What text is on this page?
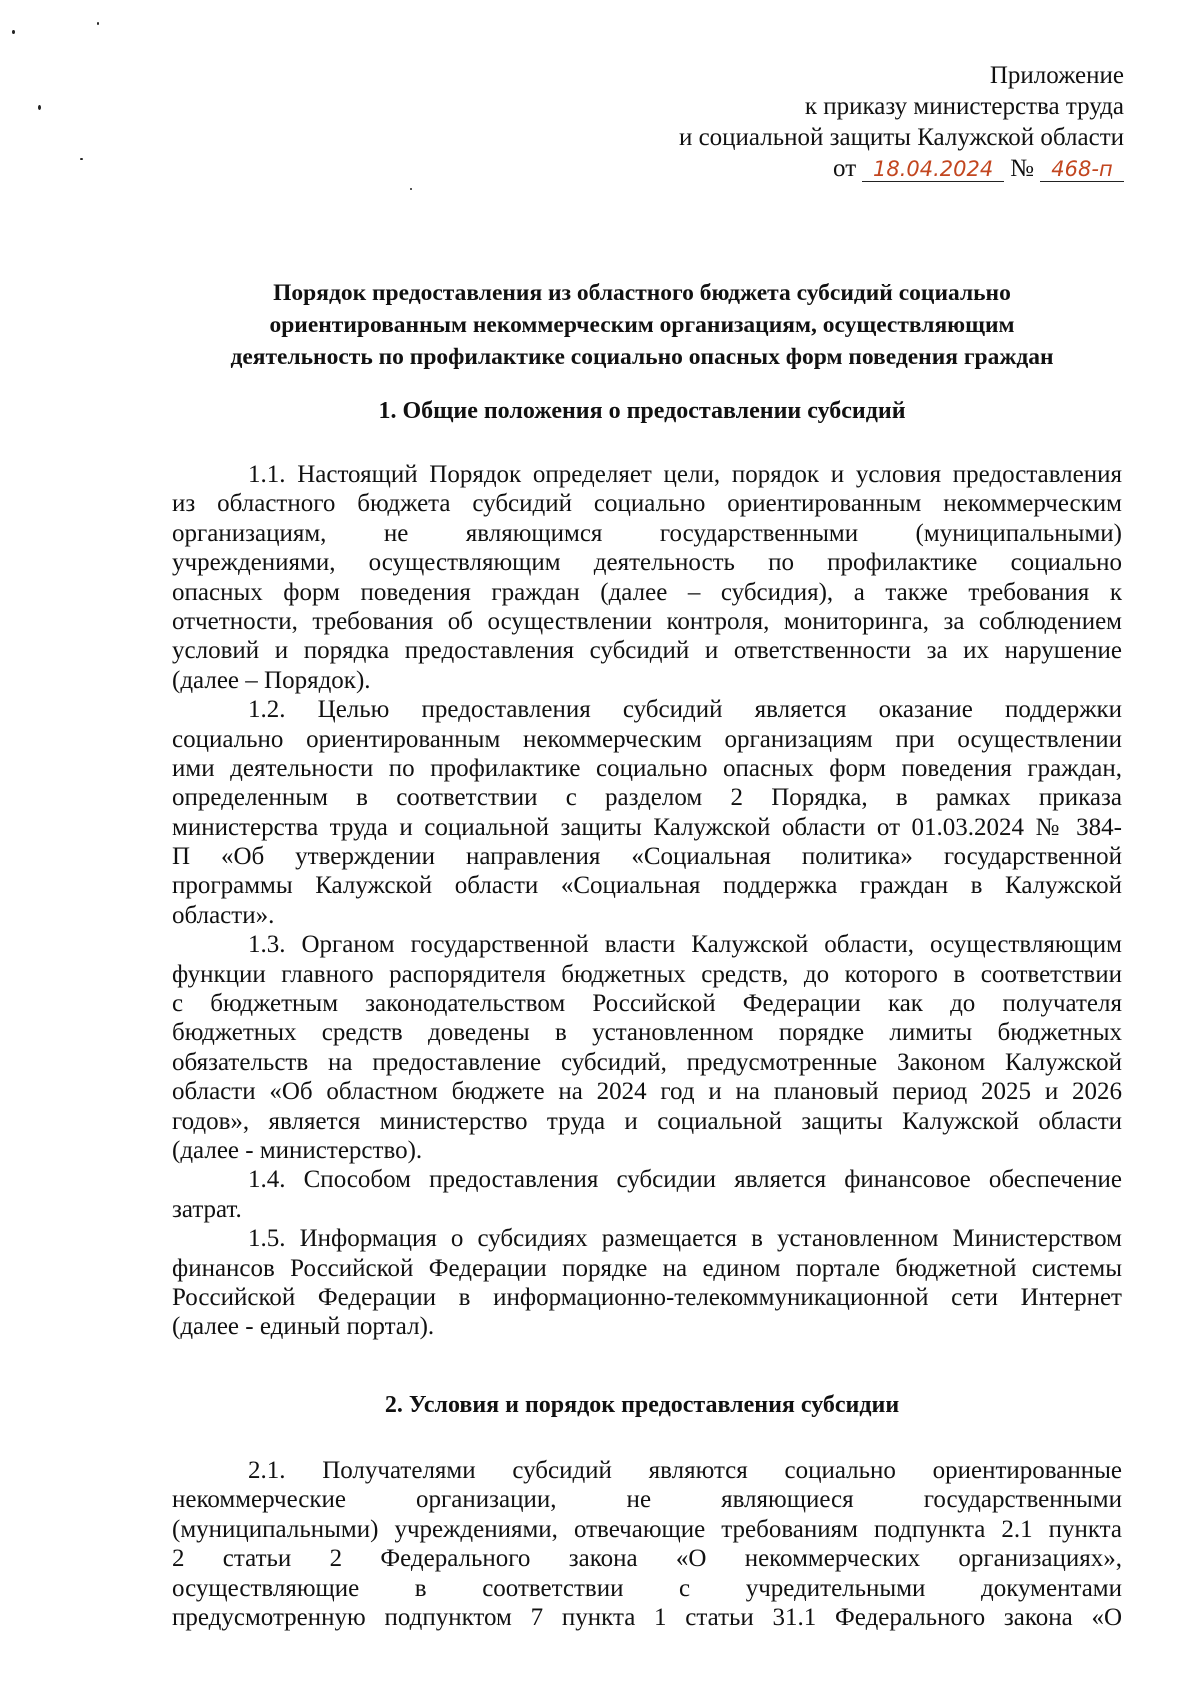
Приложение
к приказу министерства труда
и социальной защиты Калужской области
от 18.04.2024 № 468-п
Порядок предоставления из областного бюджета субсидий социально
ориентированным некоммерческим организациям, осуществляющим
деятельность по профилактике социально опасных форм поведения граждан
1. Общие положения о предоставлении субсидий
1.1. Настоящий Порядок определяет цели, порядок и условия предоставления
из областного бюджета субсидий социально ориентированным некоммерческим
организациям, не являющимся государственными (муниципальными)
учреждениями, осуществляющим деятельность по профилактике социально
опасных форм поведения граждан (далее – субсидия), а также требования к
отчетности, требования об осуществлении контроля, мониторинга, за соблюдением
условий и порядка предоставления субсидий и ответственности за их нарушение
(далее – Порядок).
1.2. Целью предоставления субсидий является оказание поддержки
социально ориентированным некоммерческим организациям при осуществлении
ими деятельности по профилактике социально опасных форм поведения граждан,
определенным в соответствии с разделом 2 Порядка, в рамках приказа
министерства труда и социальной защиты Калужской области от 01.03.2024 № 384-
П «Об утверждении направления «Социальная политика» государственной
программы Калужской области «Социальная поддержка граждан в Калужской
области».
1.3. Органом государственной власти Калужской области, осуществляющим
функции главного распорядителя бюджетных средств, до которого в соответствии
с бюджетным законодательством Российской Федерации как до получателя
бюджетных средств доведены в установленном порядке лимиты бюджетных
обязательств на предоставление субсидий, предусмотренные Законом Калужской
области «Об областном бюджете на 2024 год и на плановый период 2025 и 2026
годов», является министерство труда и социальной защиты Калужской области
(далее - министерство).
1.4. Способом предоставления субсидии является финансовое обеспечение
затрат.
1.5. Информация о субсидиях размещается в установленном Министерством
финансов Российской Федерации порядке на едином портале бюджетной системы
Российской Федерации в информационно-телекоммуникационной сети Интернет
(далее - единый портал).
2. Условия и порядок предоставления субсидии
2.1. Получателями субсидий являются социально ориентированные
некоммерческие организации, не являющиеся государственными
(муниципальными) учреждениями, отвечающие требованиям подпункта 2.1 пункта
2 статьи 2 Федерального закона «О некоммерческих организациях»,
осуществляющие в соответствии с учредительными документами
предусмотренную подпунктом 7 пункта 1 статьи 31.1 Федерального закона «О
